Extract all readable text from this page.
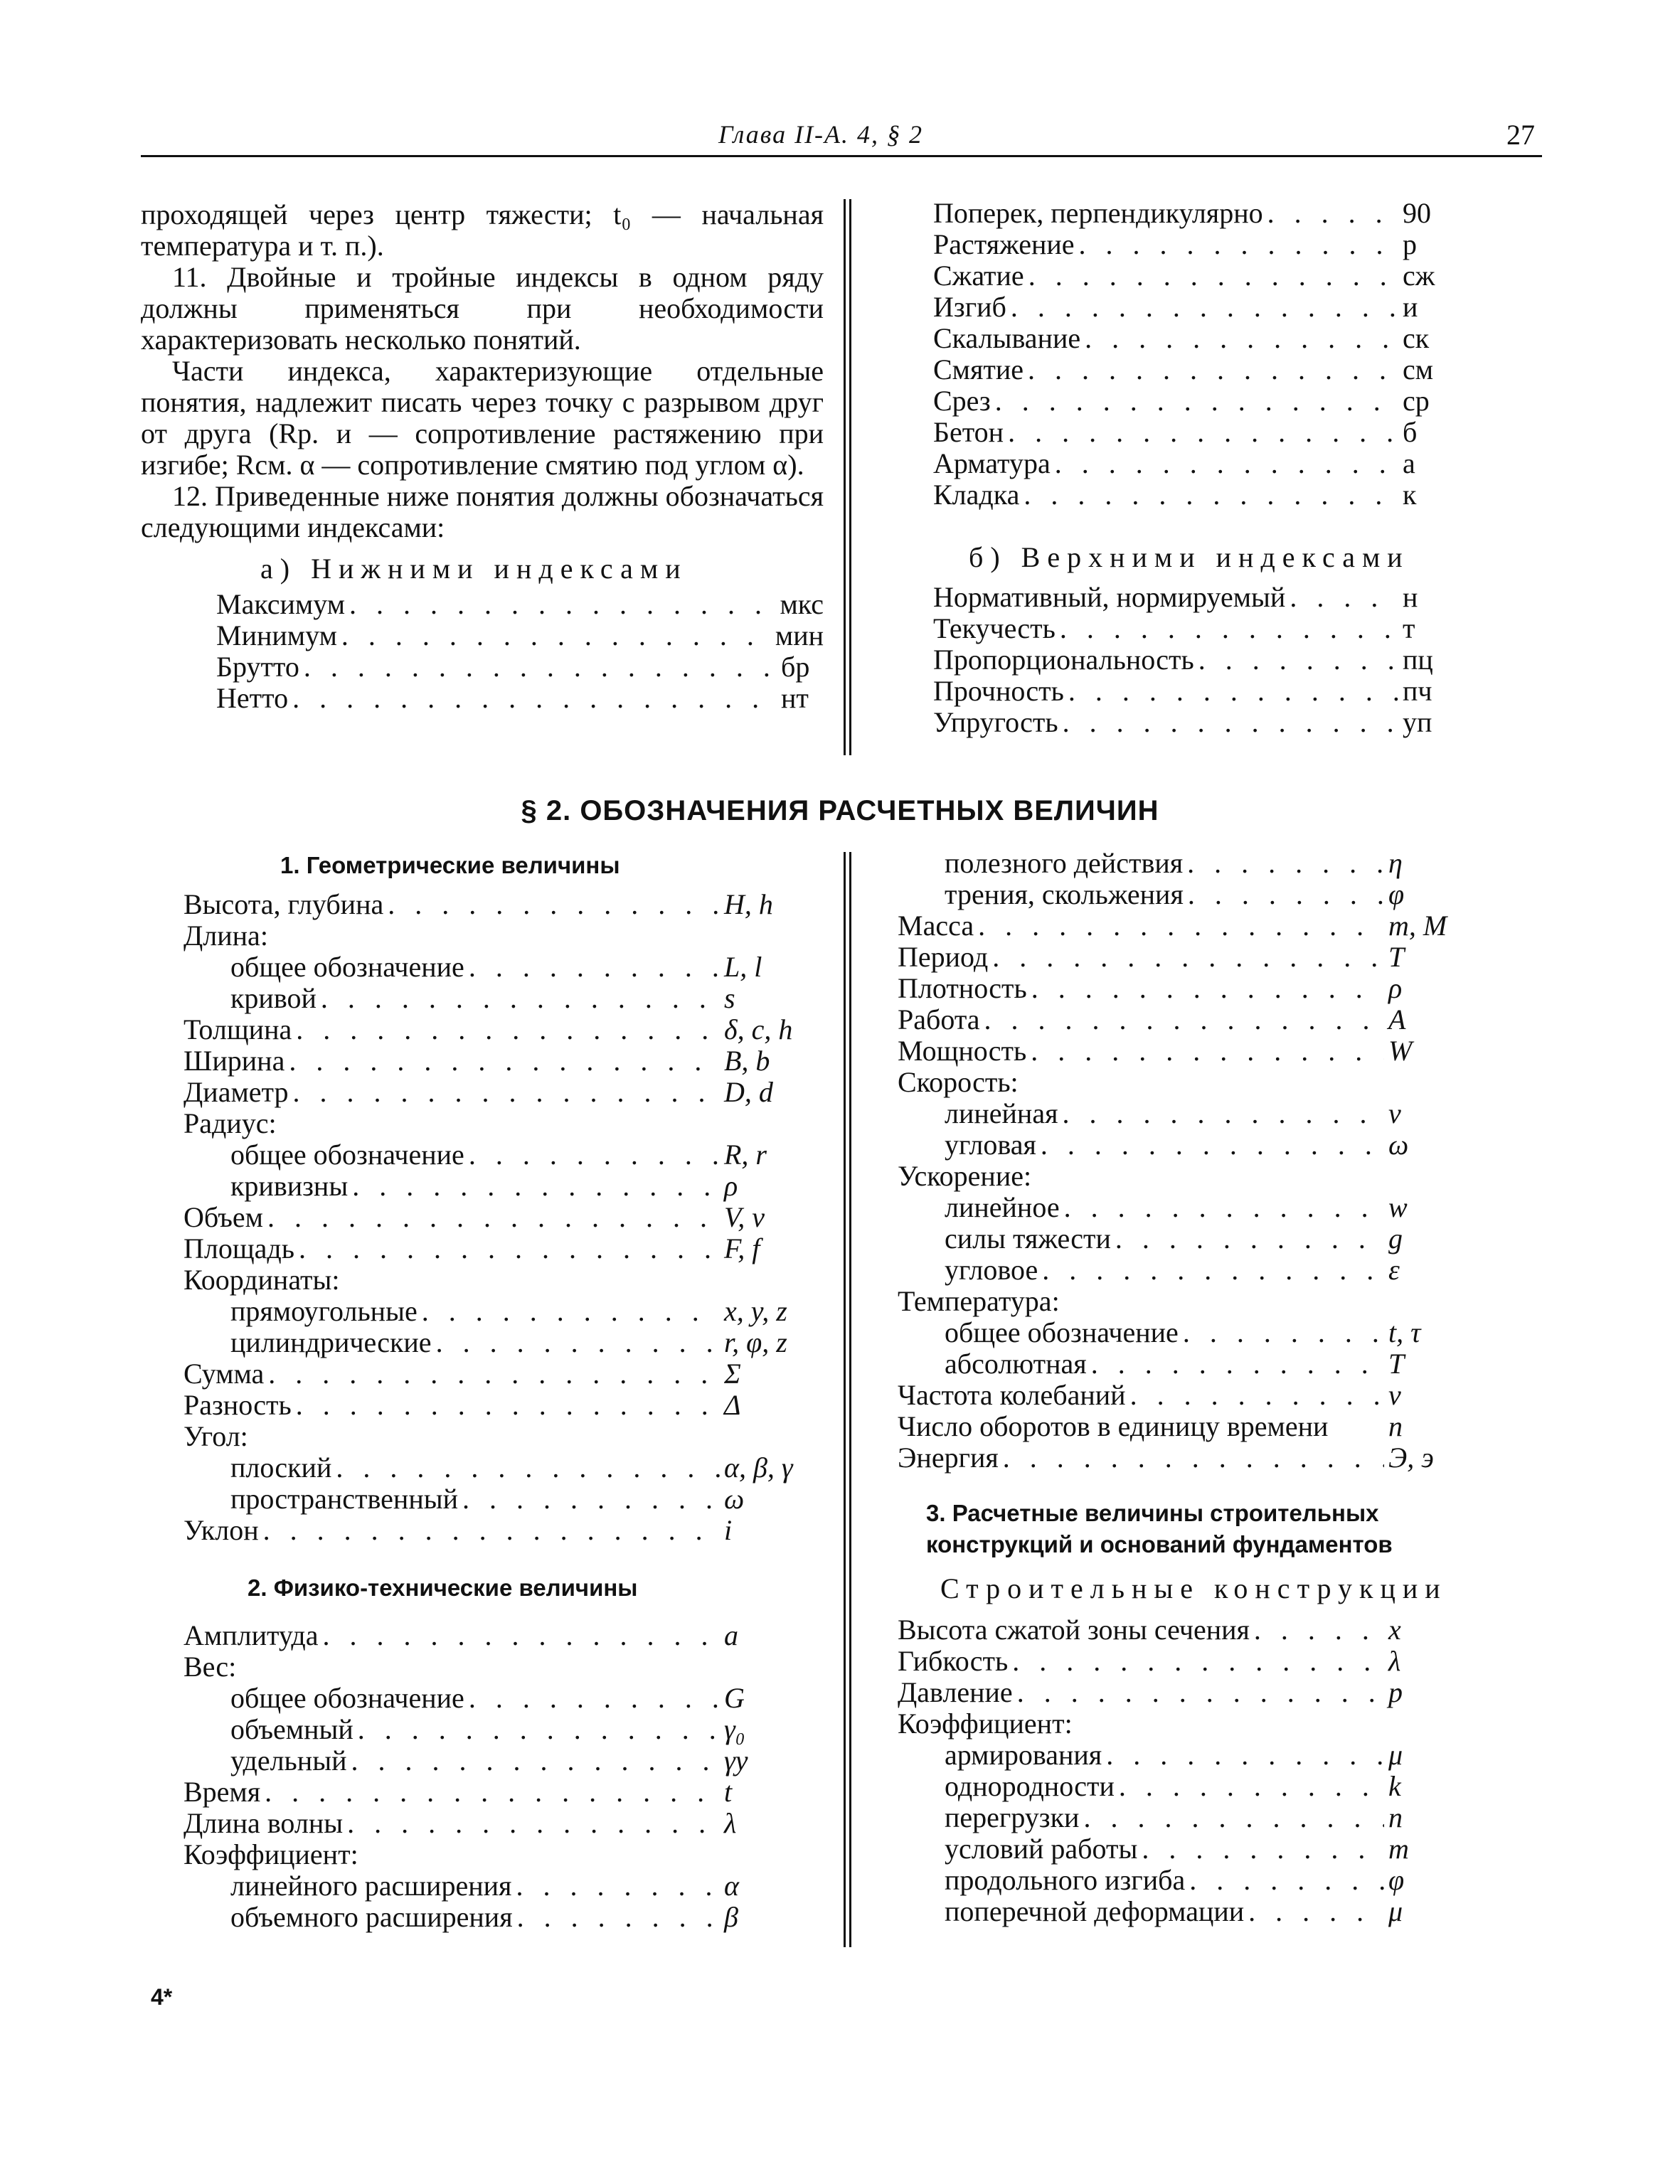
Глава II-A. 4, § 2	27

проходящей через центр тяжести; t₀ — начальная температура и т. п.).

11. Двойные и тройные индексы в одном ряду должны применяться при необходимости характеризовать несколько понятий.

Части индекса, характеризующие отдельные понятия, надлежит писать через точку с разрывом друг от друга (Rр. и — сопротивление растяжению при изгибе; Rсм. α — сопротивление смятию под углом α).

12. Приведенные ниже понятия должны обозначаться следующими индексами:

а) Нижними индексами
Максимум . . .	мкс
Минимум . . .	мин
Брутто . . .	бр
Нетто . . .	нт
Поперек, перпендикулярно . . .	90
Растяжение . . .	р
Сжатие . . .	сж
Изгиб . . .	и
Скалывание . . .	ск
Смятие . . .	см
Срез . . .	ср
Бетон . . .	б
Арматура . . .	а
Кладка . . .	к
б) Верхними индексами
Нормативный, нормируемый . . .	н
Текучесть . . .	т
Пропорциональность . . .	пц
Прочность . . .	пч
Упругость . . .	уп
§ 2. ОБОЗНАЧЕНИЯ РАСЧЕТНЫХ ВЕЛИЧИН
1. Геометрические величины
Высота, глубина . . .	H, h
Длина:
общее обозначение . . .	L, l
кривой . . .	s
Толщина . . .	δ, c, h
Ширина . . .	B, b
Диаметр . . .	D, d
Радиус:
общее обозначение . . .	R, r
кривизны . . .	ρ
Объем . . .	V, v
Площадь . . .	F, f
Координаты:
прямоугольные . . .	x, y, z
цилиндрические . . .	r, φ, z
Сумма . . .	Σ
Разность . . .	Δ
Угол:
плоский . . .	α, β, γ
пространственный . . .	ω
Уклон . . .	i
2. Физико-технические величины
Амплитуда . . .	a
Вес:
общее обозначение . . .	G
объемный . . .	γ₀
удельный . . .	γу
Время . . .	t
Длина волны . . .	λ
Коэффициент:
линейного расширения . . .	α
объемного расширения . . .	β
полезного действия . . .	η
трения, скольжения . . .	φ
Масса . . .	m, M
Период . . .	T
Плотность . . .	ρ
Работа . . .	A
Мощность . . .	W
Скорость:
линейная . . .	v
угловая . . .	ω
Ускорение:
линейное . . .	w
силы тяжести . . .	g
угловое . . .	ε
Температура:
общее обозначение . . .	t, τ
абсолютная . . .	T
Частота колебаний . . .	ν
Число оборотов в единицу времени n
Энергия . . .	Э, э
3. Расчетные величины строительных
конструкций и оснований фундаментов
Строительные конструкции
Высота сжатой зоны сечения . . .	x
Гибкость . . .	λ
Давление . . .	p
Коэффициент:
армирования . . .	μ
однородности . . .	k
перегрузки . . .	n
условий работы . . .	m
продольного изгиба . . .	φ
поперечной деформации . . .	μ
4*
